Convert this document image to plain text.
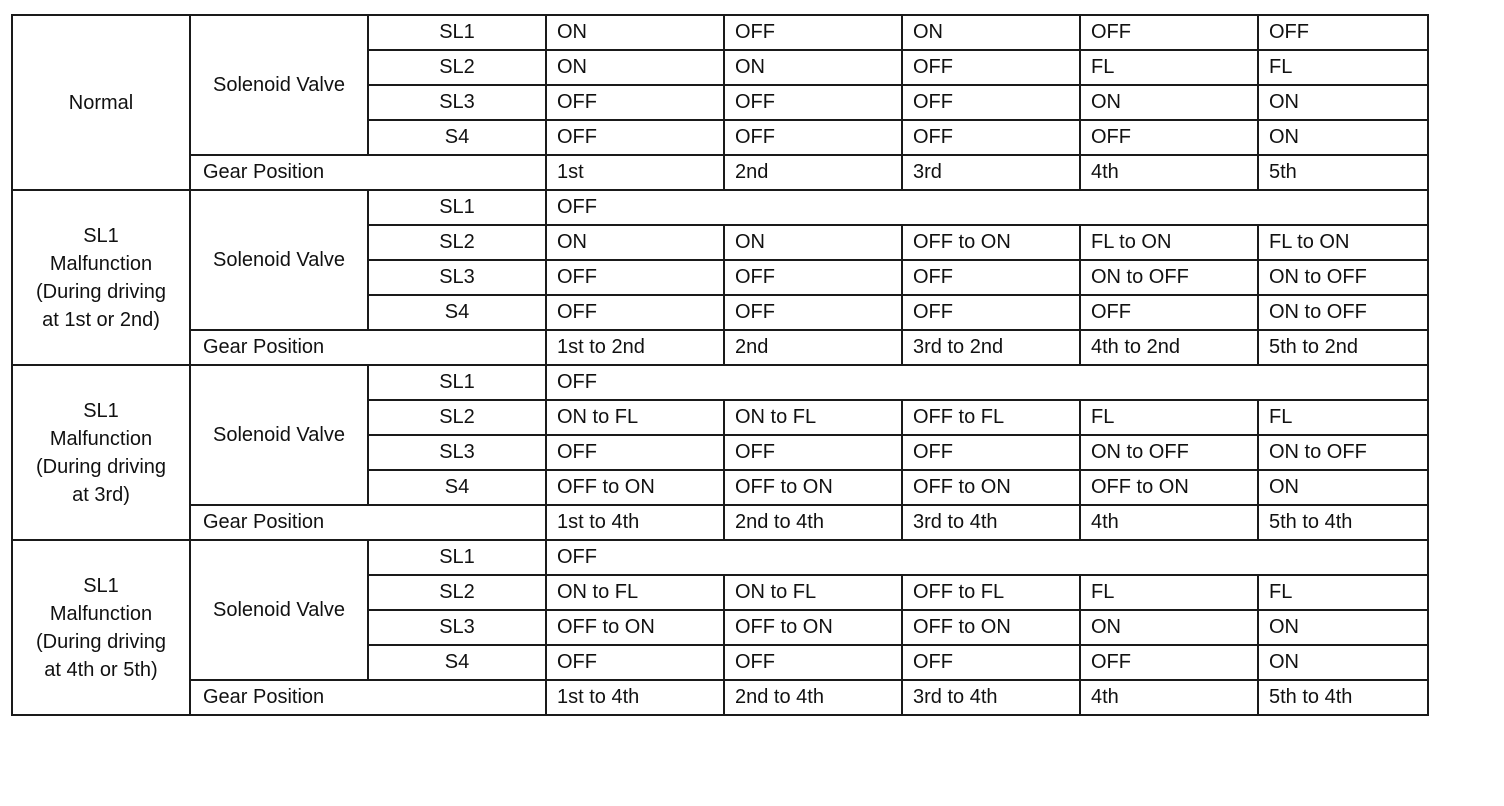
Normal	Solenoid Valve	SL1	ON	OFF	ON	OFF	OFF
		SL2	ON	ON	OFF	FL	FL
		SL3	OFF	OFF	OFF	ON	ON
		S4	OFF	OFF	OFF	OFF	ON
	Gear Position		1st	2nd	3rd	4th	5th

SL1
Malfunction
(During driving
at 1st or 2nd)	Solenoid Valve	SL1	OFF				
		SL2	ON	ON	OFF to ON	FL to ON	FL to ON
		SL3	OFF	OFF	OFF	ON to OFF	ON to OFF
		S4	OFF	OFF	OFF	OFF	ON to OFF
	Gear Position		1st to 2nd	2nd	3rd to 2nd	4th to 2nd	5th to 2nd

SL1
Malfunction
(During driving
at 3rd)	Solenoid Valve	SL1	OFF				
		SL2	ON to FL	ON to FL	OFF to FL	FL	FL
		SL3	OFF	OFF	OFF	ON to OFF	ON to OFF
		S4	OFF to ON	OFF to ON	OFF to ON	OFF to ON	ON
	Gear Position		1st to 4th	2nd to 4th	3rd to 4th	4th	5th to 4th

SL1
Malfunction
(During driving
at 4th or 5th)	Solenoid Valve	SL1	OFF				
		SL2	ON to FL	ON to FL	OFF to FL	FL	FL
		SL3	OFF to ON	OFF to ON	OFF to ON	ON	ON
		S4	OFF	OFF	OFF	OFF	ON
	Gear Position		1st to 4th	2nd to 4th	3rd to 4th	4th	5th to 4th
